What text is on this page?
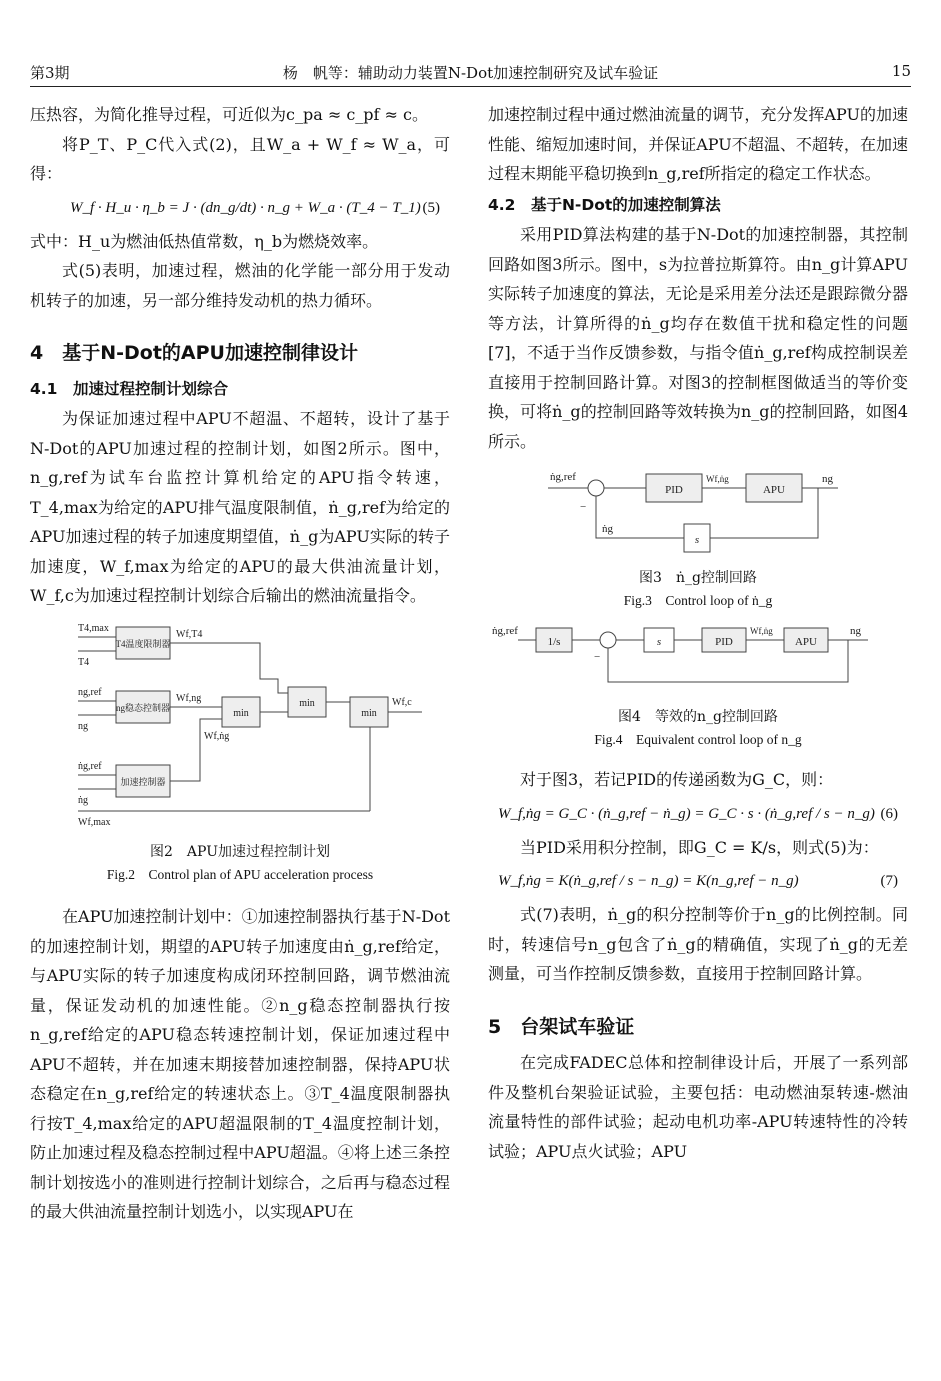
第3期	杨　帆等：辅助动力装置N-Dot加速控制研究及试车验证	15

压热容，为简化推导过程，可近似为c_pa ≈ c_pf ≈ c。

将P_T、P_C代入式(2)，且W_a + W_f ≈ W_a，可得：

W_f · H_u · η_b = J · (dn_g/dt) · n_g + W_a · (T_4 − T_1) (5)

式中：H_u为燃油低热值常数，η_b为燃烧效率。

式(5)表明，加速过程，燃油的化学能一部分用于发动机转子的加速，另一部分维持发动机的热力循环。

4　基于N-Dot的APU加速控制律设计
4.1　加速过程控制计划综合

为保证加速过程中APU不超温、不超转，设计了基于N-Dot的APU加速过程的控制计划，如图2所示。图中，n_g,ref为试车台监控计算机给定的APU指令转速，T_4,max为给定的APU排气温度限制值，ṅ_g,ref为给定的APU加速过程的转子加速度期望值，ṅ_g为APU实际的转子加速度，W_f,max为给定的APU的最大供油流量计划，W_f,c为加速过程控制计划综合后输出的燃油流量指令。

T4,max
T4
ng,ref
ng
ṅg,ref
ṅg
Wf,max
T4温度限制器
ng稳态控制器
加速控制器
min
min
min
Wf,T4
Wf,ng
Wf,ṅg
Wf,c
图2　APU加速过程控制计划
Fig.2　Control plan of APU acceleration process

在APU加速控制计划中：①加速控制器执行基于N-Dot的加速控制计划，期望的APU转子加速度由ṅ_g,ref给定，与APU实际的转子加速度构成闭环控制回路，调节燃油流量，保证发动机的加速性能。②n_g稳态控制器执行按n_g,ref给定的APU稳态转速控制计划，保证加速过程中APU不超转，并在加速末期接替加速控制器，保持APU状态稳定在n_g,ref给定的转速状态上。③T_4温度限制器执行按T_4,max给定的APU超温限制的T_4温度控制计划，防止加速过程及稳态控制过程中APU超温。④将上述三条控制计划按选小的准则进行控制计划综合，之后再与稳态过程的最大供油流量控制计划选小，以实现APU在

加速控制过程中通过燃油流量的调节，充分发挥APU的加速性能、缩短加速时间，并保证APU不超温、不超转，在加速过程末期能平稳切换到n_g,ref所指定的稳定工作状态。

4.2　基于N-Dot的加速控制算法

采用PID算法构建的基于N-Dot的加速控制器，其控制回路如图3所示。图中，s为拉普拉斯算符。由n_g计算APU实际转子加速度的算法，无论是采用差分法还是跟踪微分器等方法，计算所得的ṅ_g均存在数值干扰和稳定性的问题[7]，不适于当作反馈参数，与指令值ṅ_g,ref构成控制误差直接用于控制回路计算。对图3的控制框图做适当的等价变换，可将ṅ_g的控制回路等效转换为n_g的控制回路，如图4所示。

ṅg,ref
−
PID
Wf,ṅg
APU
ng
ṅg
s
图3　ṅ_g控制回路
Fig.3　Control loop of ṅ_g
ṅg,ref
1/s
−
s	PID
Wf,ṅg
APU
ng
图4　等效的n_g控制回路
Fig.4　Equivalent control loop of n_g

对于图3，若记PID的传递函数为G_C，则：

W_f,ṅg = G_C · (ṅ_g,ref − ṅ_g) = G_C · s · (ṅ_g,ref / s − n_g) (6)

当PID采用积分控制，即G_C = K/s，则式(5)为：

W_f,ṅg = K(ṅ_g,ref / s − n_g) = K(n_g,ref − n_g)	(7)

式(7)表明，ṅ_g的积分控制等价于n_g的比例控制。同时，转速信号n_g包含了ṅ_g的精确值，实现了ṅ_g的无差测量，可当作控制反馈参数，直接用于控制回路计算。

5　台架试车验证

在完成FADEC总体和控制律设计后，开展了一系列部件及整机台架验证试验，主要包括：电动燃油泵转速-燃油流量特性的部件试验；起动电机功率-APU转速特性的冷转试验；APU点火试验；APU
